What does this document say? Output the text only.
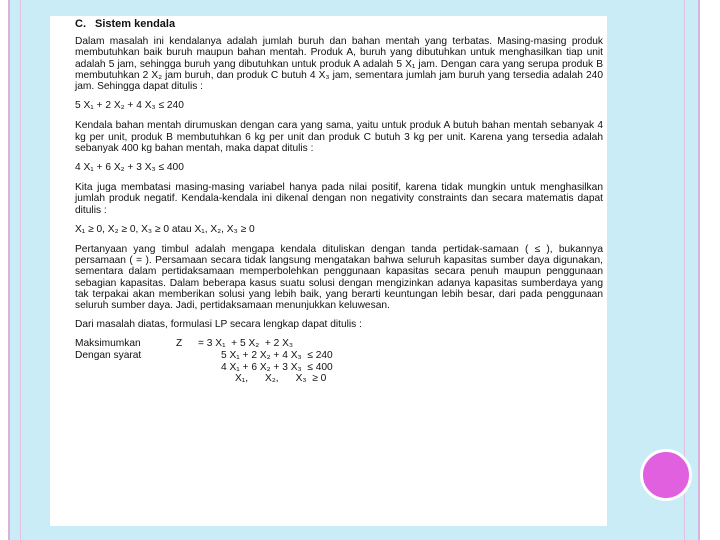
C. Sistem kendala
Dalam masalah ini kendalanya adalah jumlah buruh dan bahan mentah yang terbatas. Masing-masing produk membutuhkan baik buruh maupun bahan mentah. Produk A, buruh yang dibutuhkan untuk menghasilkan tiap unit adalah 5 jam, sehingga buruh yang dibutuhkan untuk produk A adalah 5 X₁ jam. Dengan cara yang serupa produk B membutuhkan 2 X₂ jam buruh, dan produk C butuh 4 X₃ jam, sementara jumlah jam buruh yang tersedia adalah 240 jam. Sehingga dapat ditulis :
5 X₁ + 2 X₂ + 4 X₃ ≤ 240
Kendala bahan mentah dirumuskan dengan cara yang sama, yaitu untuk produk A butuh bahan mentah sebanyak 4 kg per unit, produk B membutuhkan 6 kg per unit dan produk C butuh 3 kg per unit. Karena yang tersedia adalah sebanyak 400 kg bahan mentah, maka dapat ditulis :
4 X₁ + 6 X₂ + 3 X₃ ≤ 400
Kita juga membatasi masing-masing variabel hanya pada nilai positif, karena tidak mungkin untuk menghasilkan jumlah produk negatif. Kendala-kendala ini dikenal dengan non negativity constraints dan secara matematis dapat ditulis :
X₁ ≥ 0, X₂ ≥ 0, X₃ ≥ 0 atau X₁, X₂, X₃ ≥ 0
Pertanyaan yang timbul adalah mengapa kendala dituliskan dengan tanda pertidak-samaan ( ≤ ), bukannya persamaan ( = ). Persamaan secara tidak langsung mengatakan bahwa seluruh kapasitas sumber daya digunakan, sementara dalam pertidaksamaan memperbolehkan penggunaan kapasitas secara penuh maupun penggunaan sebagian kapasitas. Dalam beberapa kasus suatu solusi dengan mengizinkan adanya kapasitas sumberdaya yang tak terpakai akan memberikan solusi yang lebih baik, yang berarti keuntungan lebih besar, dari pada penggunaan seluruh sumber daya. Jadi, pertidaksamaan menunjukkan keluwesan.
Dari masalah diatas, formulasi LP secara lengkap dapat ditulis :
Maksimumkan	Z = 3 X₁  + 5 X₂  + 2 X₃
Dengan syarat	5 X₁ + 2 X₂ + 4 X₃  ≤ 240
4 X₁ + 6 X₂ + 3 X₃  ≤ 400
X₁,      X₂,      X₃  ≥ 0
